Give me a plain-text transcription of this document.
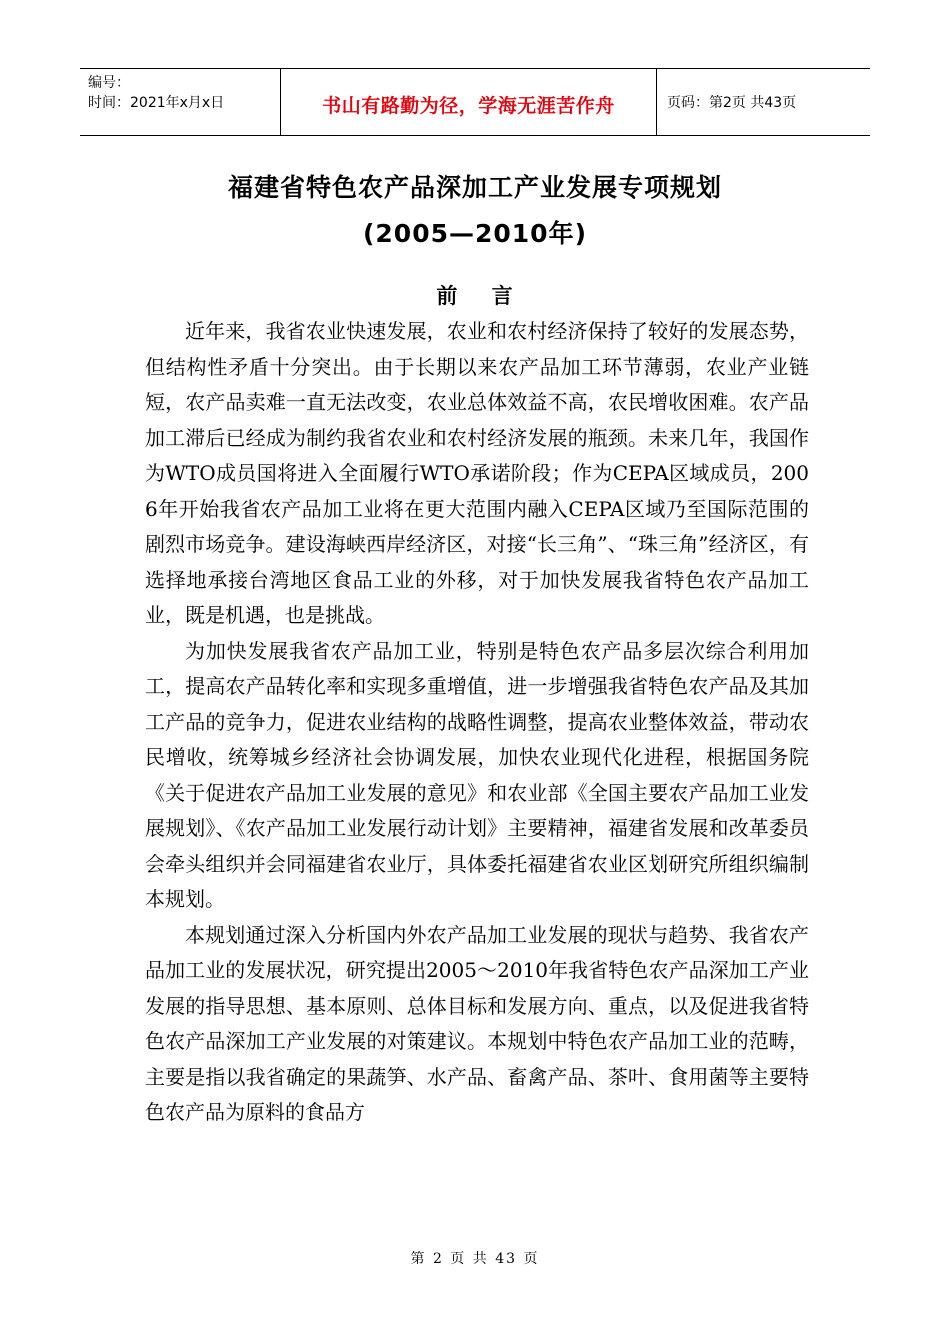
编号：
时间：2021年x月x日	书山有路勤为径，学海无涯苦作舟	页码：第2页 共43页
福建省特色农产品深加工产业发展专项规划
(2005—2010年)
前    言

近年来，我省农业快速发展，农业和农村经济保持了较好的发展态势，但结构性矛盾十分突出。由于长期以来农产品加工环节薄弱，农业产业链短，农产品卖难一直无法改变，农业总体效益不高，农民增收困难。农产品加工滞后已经成为制约我省农业和农村经济发展的瓶颈。未来几年，我国作为WTO成员国将进入全面履行WTO承诺阶段；作为CEPA区域成员，2006年开始我省农产品加工业将在更大范围内融入CEPA区域乃至国际范围的剧烈市场竞争。建设海峡西岸经济区，对接“长三角”、“珠三角”经济区，有选择地承接台湾地区食品工业的外移，对于加快发展我省特色农产品加工业，既是机遇，也是挑战。

为加快发展我省农产品加工业，特别是特色农产品多层次综合利用加工，提高农产品转化率和实现多重增值，进一步增强我省特色农产品及其加工产品的竞争力，促进农业结构的战略性调整，提高农业整体效益，带动农民增收，统筹城乡经济社会协调发展，加快农业现代化进程，根据国务院《关于促进农产品加工业发展的意见》和农业部《全国主要农产品加工业发展规划》、《农产品加工业发展行动计划》主要精神，福建省发展和改革委员会牵头组织并会同福建省农业厅，具体委托福建省农业区划研究所组织编制本规划。

本规划通过深入分析国内外农产品加工业发展的现状与趋势、我省农产品加工业的发展状况，研究提出2005～2010年我省特色农产品深加工产业发展的指导思想、基本原则、总体目标和发展方向、重点，以及促进我省特色农产品深加工产业发展的对策建议。本规划中特色农产品加工业的范畴，主要是指以我省确定的果蔬笋、水产品、畜禽产品、茶叶、食用菌等主要特色农产品为原料的食品方

第 2 页 共 43 页
